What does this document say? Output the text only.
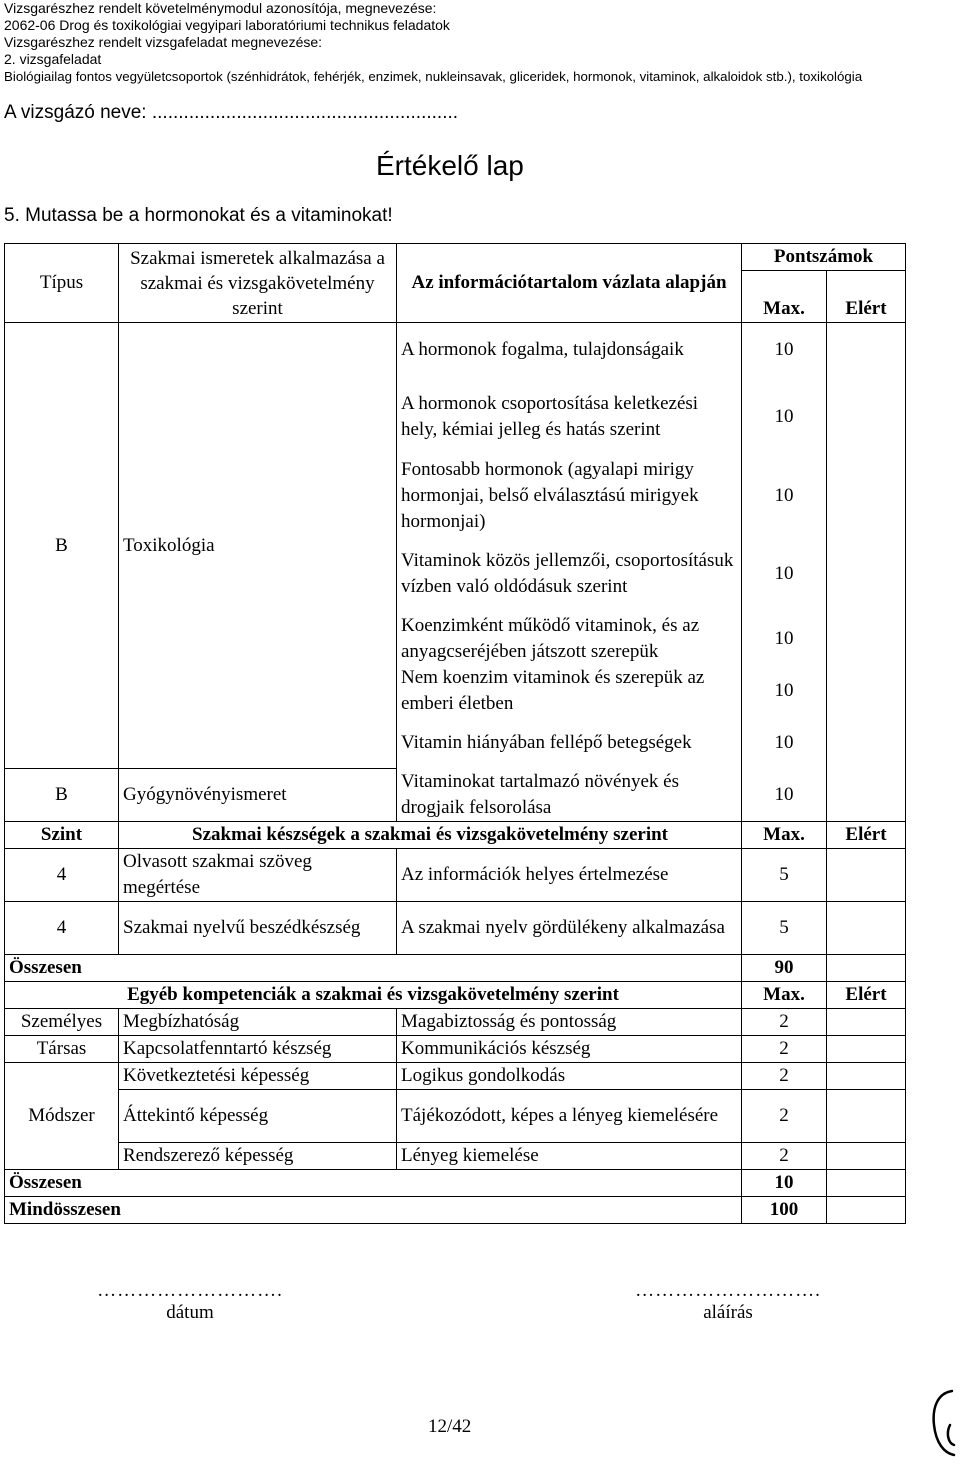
Vizsgarészhez rendelt követelménymodul azonosítója, megnevezése:
2062-06 Drog és toxikológiai vegyipari laboratóriumi technikus feladatok
Vizsgarészhez rendelt vizsgafeladat megnevezése:
2. vizsgafeladat
Biológiailag fontos vegyületcsoportok (szénhidrátok, fehérjék, enzimek, nukleinsavak, gliceridek, hormonok, vitaminok, alkaloidok stb.), toxikológia
A vizsgázó neve: ..........................................................
Értékelő lap
5. Mutassa be a hormonokat és a vitaminokat!
Típus	Szakmai ismeretek alkalmazása a szakmai és vizsgakövetelmény szerint	Az információtartalom vázlata alapján	Pontszámok	
			Max.	Elért
B	Toxikológia	A hormonok fogalma, tulajdonságaik	10	
		A hormonok csoportosítása keletkezési hely, kémiai jelleg és hatás szerint	10	
		Fontosabb hormonok (agyalapi mirigy hormonjai, belső elválasztású mirigyek hormonjai)	10	
		Vitaminok közös jellemzői, csoportosításuk vízben való oldódásuk szerint	10	
		Koenzimként működő vitaminok, és az anyagcseréjében játszott szerepük	10	
		Nem koenzim vitaminok és szerepük az emberi életben	10	
		Vitamin hiányában fellépő betegségek	10	
B	Gyógynövényismeret	Vitaminokat tartalmazó növények és drogjaik felsorolása	10	
Szint	Szakmai készségek a szakmai és vizsgakövetelmény szerint		Max.	Elért
4	Olvasott szakmai szöveg megértése	Az információk helyes értelmezése	5	
4	Szakmai nyelvű beszédkészség	A szakmai nyelv gördülékeny alkalmazása	5	
Összesen			90	
Egyéb kompetenciák a szakmai és vizsgakövetelmény szerint			Max.	Elért
Személyes	Megbízhatóság	Magabiztosság és pontosság	2	
Társas	Kapcsolatfenntartó készség	Kommunikációs készség	2	
Módszer	Következtetési képesség	Logikus gondolkodás	2	
	Áttekintő képesség	Tájékozódott, képes a lényeg kiemelésére	2	
	Rendszerező képesség	Lényeg kiemelése	2	
Összesen			10	
Mindösszesen			100	
……………………….
dátum
……………………….
aláírás
12/42
